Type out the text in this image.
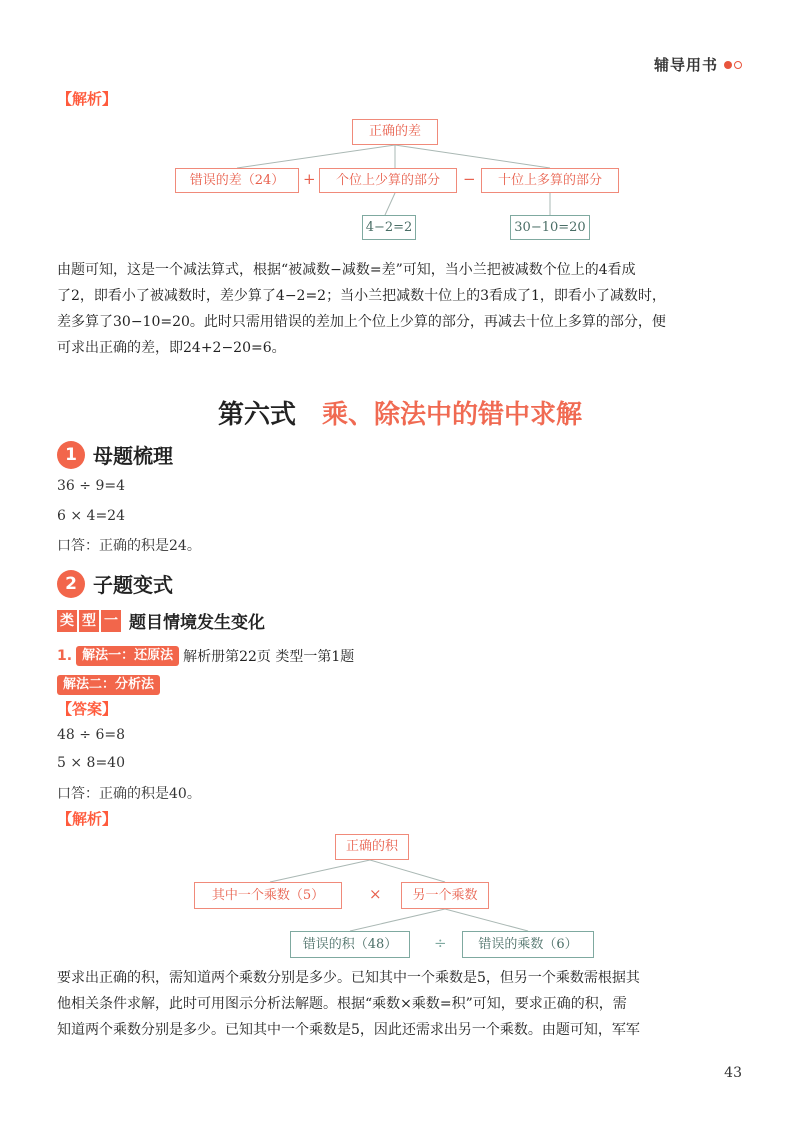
辅导用书
【解析】
正确的差
错误的差（24）	+	个位上少算的部分	−	十位上多算的部分
4−2=2	30−10=20
由题可知，这是一个减法算式，根据“被减数−减数=差”可知，当小兰把被减数个位上的4看成
了2，即看小了被减数时，差少算了4−2=2；当小兰把减数十位上的3看成了1，即看小了减数时，
差多算了30−10=20。此时只需用错误的差加上个位上少算的部分，再减去十位上多算的部分，便
可求出正确的差，即24+2−20=6。
第六式 乘、除法中的错中求解
1 母题梳理
36 ÷ 9=4
6 × 4=24
口答：正确的积是24。
2 子题变式
类 型 一 题目情境发生变化
1. 解法一：还原法 解析册第22页 类型一第1题
解法二：分析法
【答案】
48 ÷ 6=8
5 × 8=40
口答：正确的积是40。
【解析】
正确的积
其中一个乘数（5）	×	另一个乘数
错误的积（48）	÷	错误的乘数（6）
要求出正确的积，需知道两个乘数分别是多少。已知其中一个乘数是5，但另一个乘数需根据其
他相关条件求解，此时可用图示分析法解题。根据“乘数×乘数=积”可知，要求正确的积，需
知道两个乘数分别是多少。已知其中一个乘数是5，因此还需求出另一个乘数。由题可知，军军
43
